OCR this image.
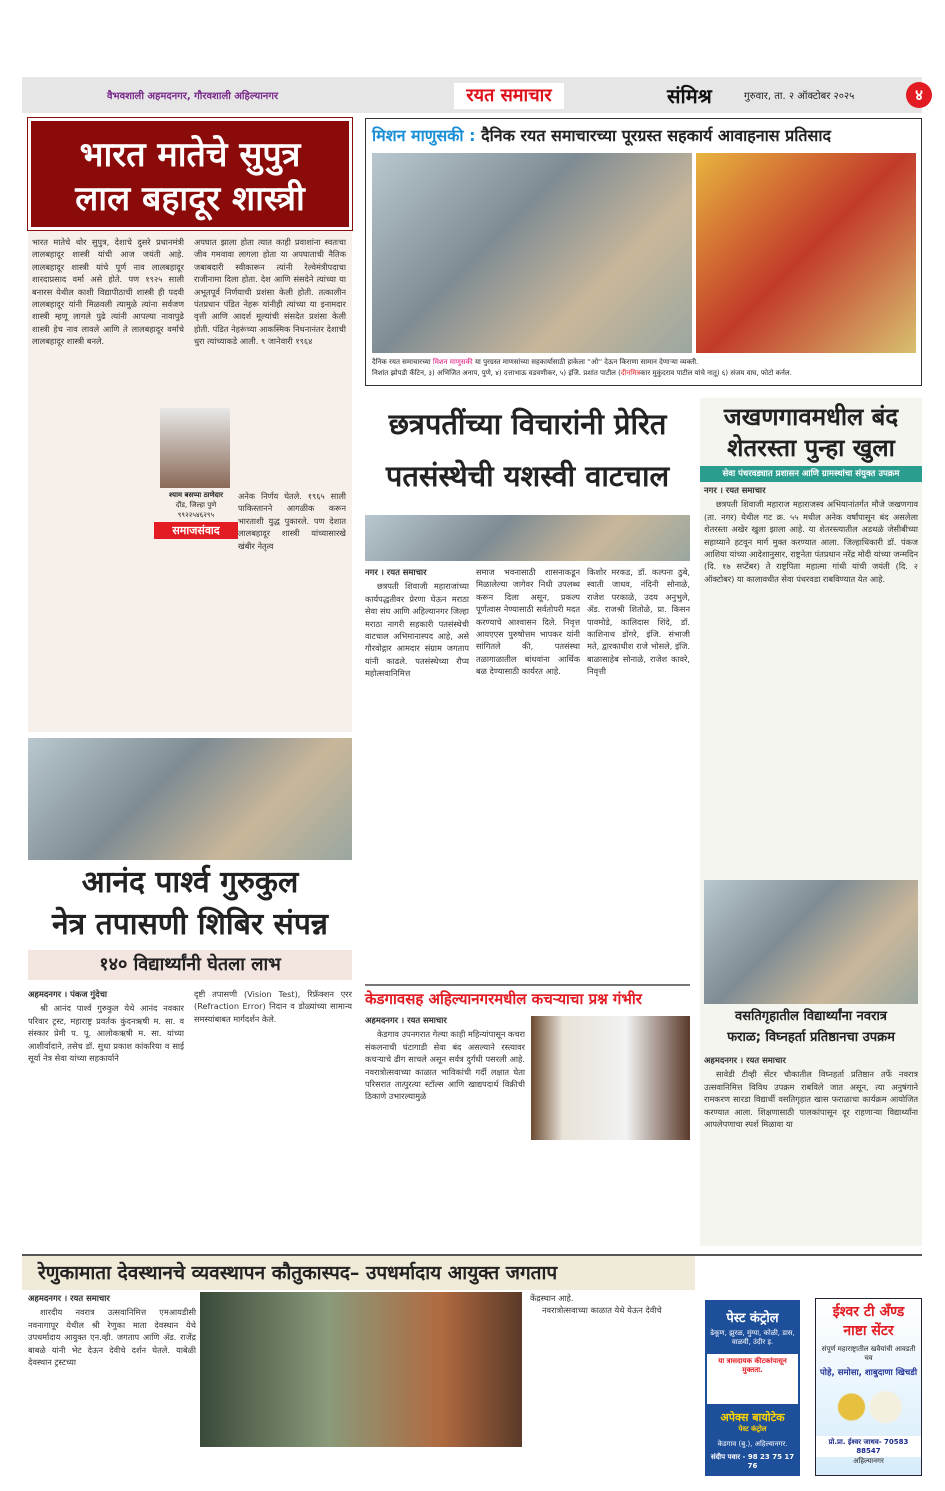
वैभवशाली अहमदनगर, गौरवशाली अहिल्यानगर	रयत समाचार	संमिश्र	गुरुवार, ता. २ ऑक्टोबर २०२५	४
भारत मातेचे सुपुत्र
लाल बहादूर शास्त्री
भारत मातेचे थोर सुपुत्र, देशाचे दुसरे प्रधानमंत्री लालबहादूर शास्त्री यांची आज जयंती आहे. लालबहादूर शास्त्री यांचे पूर्ण नाव लालबहादूर शारदाप्रसाद वर्मा असे होते. पण १९२५ साली बनारस येथील काशी विद्यापीठाची शास्त्री ही पदवी लालबहादूर यांनी मिळवली त्यामुळे त्यांना सर्वजण शास्त्री म्हणू लागले पुढे त्यांनी आपल्या नावापुढे शास्त्री हेच नाव लावले आणि ते लालबहादूर वर्माचे लालबहादूर शास्त्री बनले.
अपघात झाला होता त्यात काही प्रवाशांना स्वतःचा जीव गमवावा लागला होता या अपघाताची नैतिक जबाबदारी स्वीकारून त्यांनी रेल्वेमंत्रीपदाचा राजीनामा दिला होता. देश आणि संसदेने त्यांच्या या अभूतपूर्व निर्णयाची प्रशंसा केली होती. तत्कालीन पंतप्रधान पंडित नेहरू यांनीही त्यांच्या या इनामदार वृत्ती आणि आदर्श मूल्यांची संसदेत प्रशंसा केली होती. पंडित नेहरूंच्या आकस्मिक निधनानंतर देशाची धुरा त्यांच्याकडे आली. ९ जानेवारी १९६४
श्याम बसप्पा ठाणेदार
दौंड, जिल्हा पुणे
९९२२५४६२९५
समाजसंवाद
अनेक निर्णय घेतले. १९६५ साली पाकिस्तानने आगळीक करून भारताशी युद्ध पुकारले. पण देशात लालबहादूर शास्त्री यांच्यासारखे खंबीर नेतृत्व
आनंद पार्श्व गुरुकुल
नेत्र तपासणी शिबिर संपन्न
१४० विद्यार्थ्यांनी घेतला लाभ

अहमदनगर । पंकज गुंदेचा

श्री आनंद पार्श्व गुरुकुल येथे आनंद नवकार परिवार ट्रस्ट, महाराष्ट्र प्रवर्तक कुंदनऋषी म. सा. व संस्कार प्रेमी प. पू. आलोकऋषी म. सा. यांच्या आशीर्वादाने, तसेच डॉ. सुधा प्रकाश कांकरिया व साई सूर्या नेत्र सेवा यांच्या सहकार्याने

दृष्टी तपासणी (Vision Test), रिफ्रॅक्शन एरर (Refraction Error) निदान व डोळ्यांच्या सामान्य समस्यांबाबत मार्गदर्शन केले.
मिशन माणुसकी : दैनिक रयत समाचारच्या पूरग्रस्त सहकार्य आवाहनास प्रतिसाद
दैनिक रयत समाचारच्या मिशन माणुसकी या पुरग्रस्त माणसांच्या सहकार्यासाठी हाकेला ''ओ'' देऊन किराणा सामान देणाऱ्या व्यक्ती.
निशांत झोपडी कँटिन, ३) अभिजित अनाप, पुणे, ४) दत्ताभाऊ वडवणीकर, ५) इंजि. प्रशांत पाटील (दीनमित्रकार मुकुंदराव पाटील यांचे नातू) ६) संजय वाघ, फोटो कर्नल.
छत्रपतींच्या विचारांनी प्रेरित
पतसंस्थेची यशस्वी वाटचाल

नगर । रयत समाचार

छत्रपती शिवाजी महाराजांच्या कार्यपद्धतीवर प्रेरणा घेऊन मराठा सेवा संघ आणि अहिल्यानगर जिल्हा मराठा नागरी सहकारी पतसंस्थेची वाटचाल अभिमानास्पद आहे, असे गौरवोद्गार आमदार संग्राम जगताप यांनी काढले. पतसंस्थेच्या रौप्य महोत्सवानिमित्त

समाज भवनासाठी शासनाकडून मिळालेल्या जागेवर निधी उपलब्ध करून दिला असून, प्रकल्प पूर्णत्वास नेण्यासाठी सर्वतोपरी मदत करण्याचे आश्वासन दिले. निवृत्त आयएएस पुरुषोत्तम भापकर यांनी सांगितले की, पतसंस्था तळागाळातील बांधवांना आर्थिक बळ देण्यासाठी कार्यरत आहे.
किशोर मरकड, डॉ. कल्पना ठुबे, स्वाती जाधव, नंदिनी सोनाळे, राजेश परकाळे, उदय अनुभुले, ॲड. राजश्री शितोळे, प्रा. किसन पावमोडे, कालिदास शिंदे, डॉ. काशिनाथ डोंगरे, इंजि. संभाजी मते, द्वारकाधीश राजे भोसले, इंजि. बाळासाहेब सोनाळे, राजेश कावरे, निवृत्ती
जखणगावमधील बंद
शेतरस्ता पुन्हा खुला
सेवा पंधरवड्यात प्रशासन आणि ग्रामस्थांचा संयुक्त उपक्रम

नगर । रयत समाचार

छत्रपती शिवाजी महाराज महाराजस्व अभियानांतर्गत मौजे जखणगाव (ता. नगर) येथील गट क्र. ५५ मधील अनेक वर्षांपासून बंद असलेला शेतरस्ता अखेर खुला झाला आहे. या शेतरस्त्यातील अडथळे जेसीबीच्या सहाय्याने हटवून मार्ग मुक्त करण्यात आला. जिल्हाधिकारी डॉ. पंकज आशिया यांच्या आदेशानुसार, राष्ट्रनेता पंतप्रधान नरेंद्र मोदी यांच्या जन्मदिन (दि. १७ सप्टेंबर) ते राष्ट्रपिता महात्मा गांधी यांची जयंती (दि. २ ऑक्टोबर) या कालावधीत सेवा पंधरवडा राबविण्यात येत आहे.

वसतिगृहातील विद्यार्थ्यांना नवरात्र
फराळ; विघ्नहर्ता प्रतिष्ठानचा उपक्रम

अहमदनगर । रयत समाचार

सावेडी टीव्ही सेंटर चौकातील विघ्नहर्ता प्रतिष्ठान तर्फे नवरात्र उत्सवानिमित्त विविध उपक्रम राबविले जात असून, त्या अनुषंगाने रामकरण सारडा विद्यार्थी वसतिगृहात खास फराळाचा कार्यक्रम आयोजित करण्यात आला. शिक्षणासाठी पालकांपासून दूर राहणाऱ्या विद्यार्थ्यांना आपलेपणाचा स्पर्श मिळावा या

केडगावसह अहिल्यानगरमधील कचऱ्याचा प्रश्न गंभीर

अहमदनगर । रयत समाचार

केडगाव उपनगरात गेल्या काही महिन्यांपासून कचरा संकलनाची घंटागाडी सेवा बंद असल्याने रस्त्यावर कचऱ्याचे ढीग साचले असून सर्वत्र दुर्गंधी पसरली आहे. नवरात्रोत्सवाच्या काळात भाविकांची गर्दी लक्षात घेता परिसरात तात्पुरत्या स्टॉल्स आणि खाद्यपदार्थ विक्रीची ठिकाणे उभारल्यामुळे

रेणुकामाता देवस्थानचे व्यवस्थापन कौतुकास्पद– उपधर्मादाय आयुक्त जगताप

अहमदनगर । रयत समाचार

शारदीय नवरात्र उत्सवानिमित्त एमआयडीसी नवनागापूर येथील श्री रेणुका माता देवस्थान येथे उपधर्मादाय आयुक्त एन.व्ही. जगताप आणि ॲड. राजेंद्र बाबळे यांनी भेट देऊन देवीचे दर्शन घेतले. याबेळी देवस्थान ट्रस्टच्या

केंद्रस्थान आहे.

नवरात्रोत्सवाच्या काळात येथे येऊन देवीचे

पेस्ट कंट्रोल
ढेकूण, झुरळ, मुंग्या, कोळी, डास, वाळवी, उंदीर इ.
या त्रासदायक कीटकांपासून मुक्तता.
अपेक्स बायोटेक
पेस्ट कंट्रोल
केडगाव (बु.), अहिल्यानगर.
संदीप पवार - 98 23 75 17 76
ईश्वर टी अँण्ड
नाष्टा सेंटर
संपूर्ण महाराष्ट्रातील खवैयांची आवडती चव
पोहे, समोसा, शाबुदाणा खिचडी
प्रो.प्रा. ईश्वर जाधव- 70583 88547
अहिल्यानगर
